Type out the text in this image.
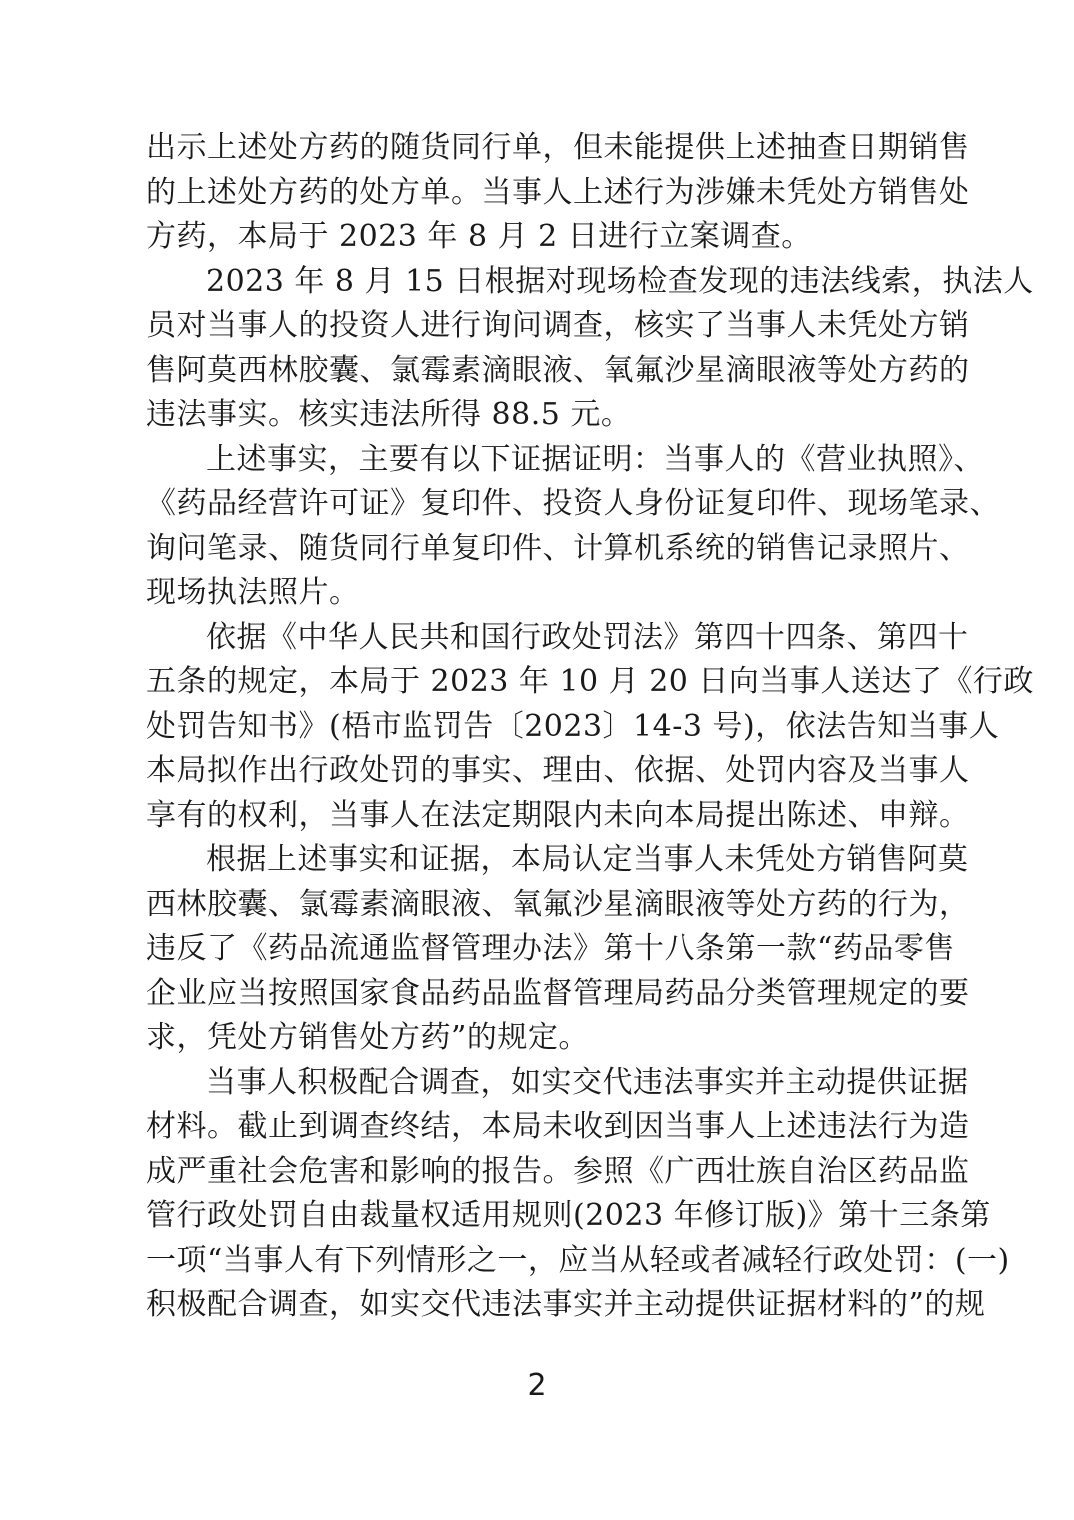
出示上述处方药的随货同行单，但未能提供上述抽查日期销售
的上述处方药的处方单。当事人上述行为涉嫌未凭处方销售处
方药，本局于 2023 年 8 月 2 日进行立案调查。
2023 年 8 月 15 日根据对现场检查发现的违法线索，执法人
员对当事人的投资人进行询问调查，核实了当事人未凭处方销
售阿莫西林胶囊、氯霉素滴眼液、氧氟沙星滴眼液等处方药的
违法事实。核实违法所得 88.5 元。
上述事实，主要有以下证据证明：当事人的《营业执照》、
《药品经营许可证》复印件、投资人身份证复印件、现场笔录、
询问笔录、随货同行单复印件、计算机系统的销售记录照片、
现场执法照片。
依据《中华人民共和国行政处罚法》第四十四条、第四十
五条的规定，本局于 2023 年 10 月 20 日向当事人送达了《行政
处罚告知书》(梧市监罚告〔2023〕14-3 号)，依法告知当事人
本局拟作出行政处罚的事实、理由、依据、处罚内容及当事人
享有的权利，当事人在法定期限内未向本局提出陈述、申辩。
根据上述事实和证据，本局认定当事人未凭处方销售阿莫
西林胶囊、氯霉素滴眼液、氧氟沙星滴眼液等处方药的行为，
违反了《药品流通监督管理办法》第十八条第一款“药品零售
企业应当按照国家食品药品监督管理局药品分类管理规定的要
求，凭处方销售处方药”的规定。
当事人积极配合调查，如实交代违法事实并主动提供证据
材料。截止到调查终结，本局未收到因当事人上述违法行为造
成严重社会危害和影响的报告。参照《广西壮族自治区药品监
管行政处罚自由裁量权适用规则(2023 年修订版)》第十三条第
一项“当事人有下列情形之一，应当从轻或者减轻行政处罚：(一)
积极配合调查，如实交代违法事实并主动提供证据材料的”的规
2
